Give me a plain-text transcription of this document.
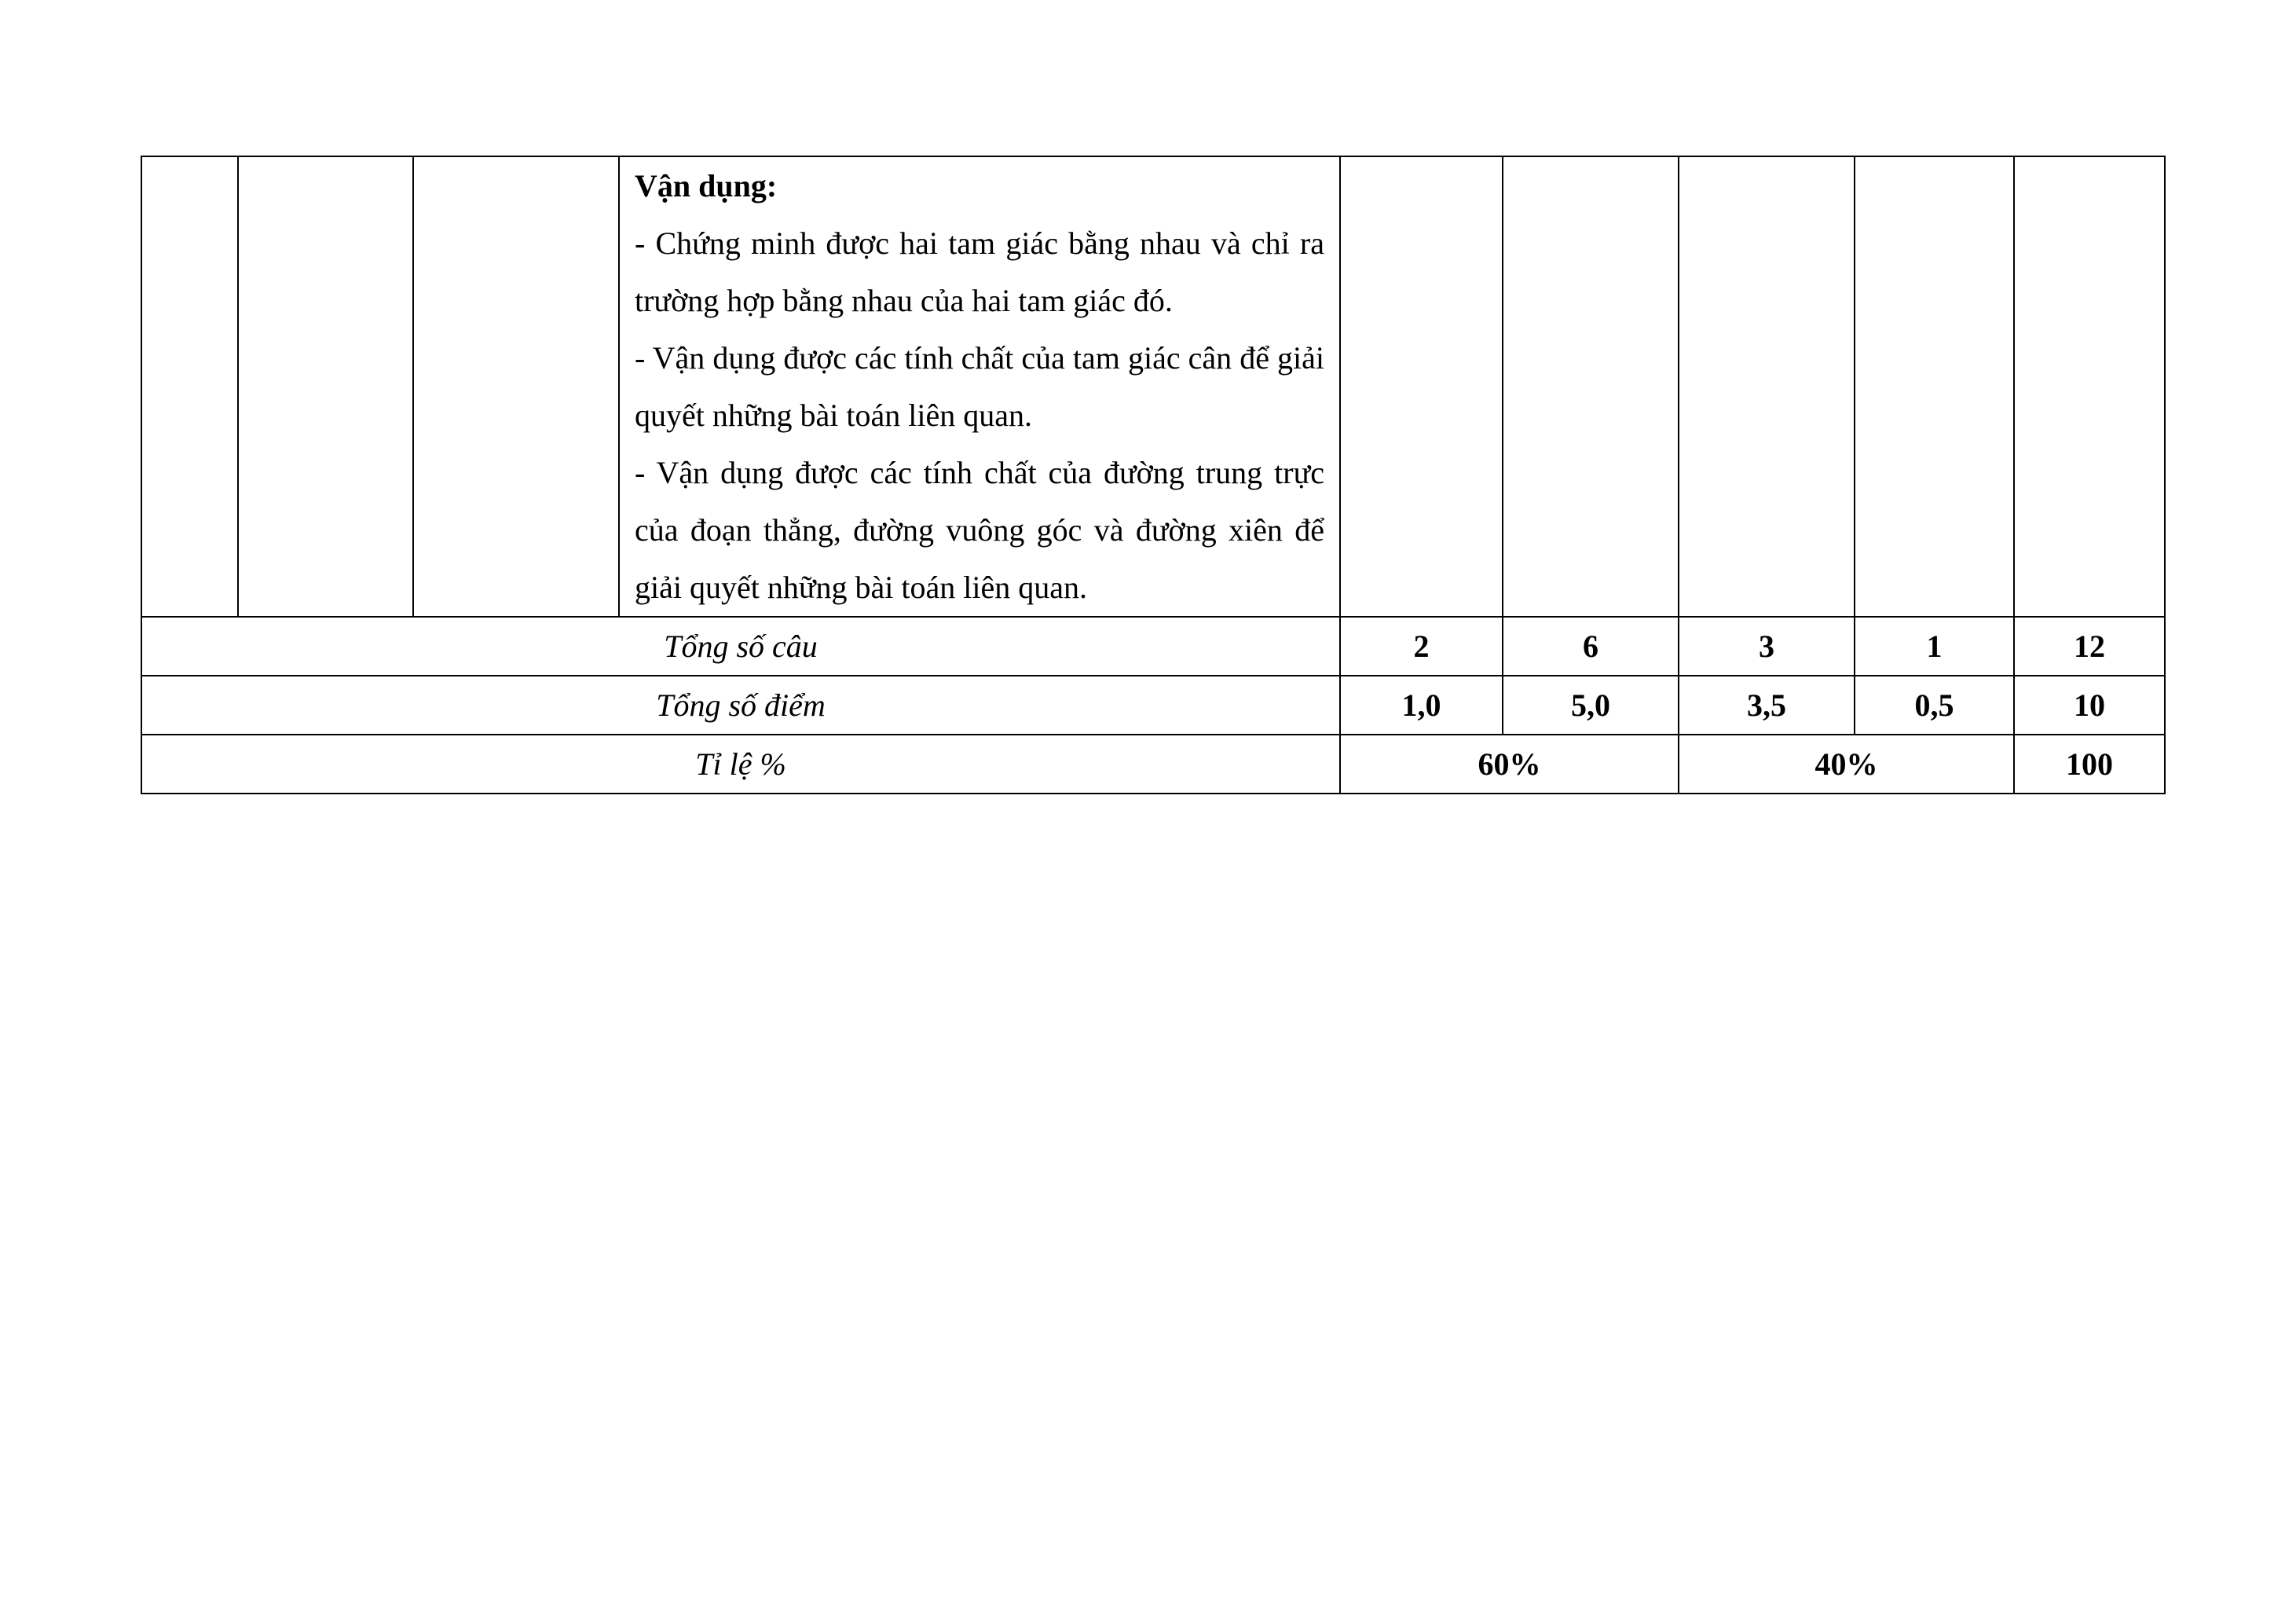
			Vận dụng:
- Chứng minh được hai tam giác bằng nhau và chỉ ra trường hợp bằng nhau của hai tam giác đó.
- Vận dụng được các tính chất của tam giác cân để giải quyết những bài toán liên quan.
- Vận dụng được các tính chất của đường trung trực của đoạn thẳng, đường vuông góc và đường xiên để giải quyết những bài toán liên quan.					

Tổng số câu				2	6	3	1	12
Tổng số điểm				1,0	5,0	3,5	0,5	10
Tỉ lệ %				60%		40%		100
